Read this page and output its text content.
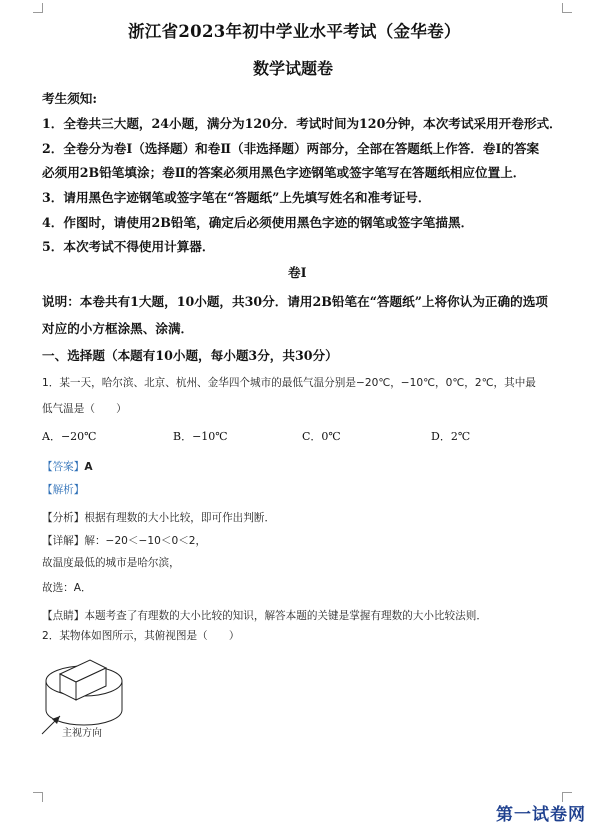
浙江省2023年初中学业水平考试（金华卷）
数学试题卷
考生须知:
1．全卷共三大题，24小题，满分为120分．考试时间为120分钟，本次考试采用开卷形式．
2．全卷分为卷Ⅰ（选择题）和卷Ⅱ（非选择题）两部分，全部在答题纸上作答．卷Ⅰ的答案
必须用2B铅笔填涂；卷Ⅱ的答案必须用黑色字迹钢笔或签字笔写在答题纸相应位置上．
3．请用黑色字迹钢笔或签字笔在“答题纸”上先填写姓名和准考证号．
4．作图时，请使用2B铅笔，确定后必须使用黑色字迹的钢笔或签字笔描黑．
5．本次考试不得使用计算器．
卷Ⅰ
说明：本卷共有1大题，10小题，共30分．请用2B铅笔在“答题纸”上将你认为正确的选项
对应的小方框涂黑、涂满．
一、选择题（本题有10小题，每小题3分，共30分）
1．某一天，哈尔滨、北京、杭州、金华四个城市的最低气温分别是−20℃，−10℃，0℃，2℃，其中最
低气温是（　　）
A．−20℃	B．−10℃	C．0℃	D．2℃
【答案】A
【解析】
【分析】根据有理数的大小比较，即可作出判断．
【详解】解：−20＜−10＜0＜2，
故温度最低的城市是哈尔滨，
故选：A．
【点睛】本题考查了有理数的大小比较的知识，解答本题的关键是掌握有理数的大小比较法则．
2．某物体如图所示，其俯视图是（　　）
主视方向
第一试卷网
